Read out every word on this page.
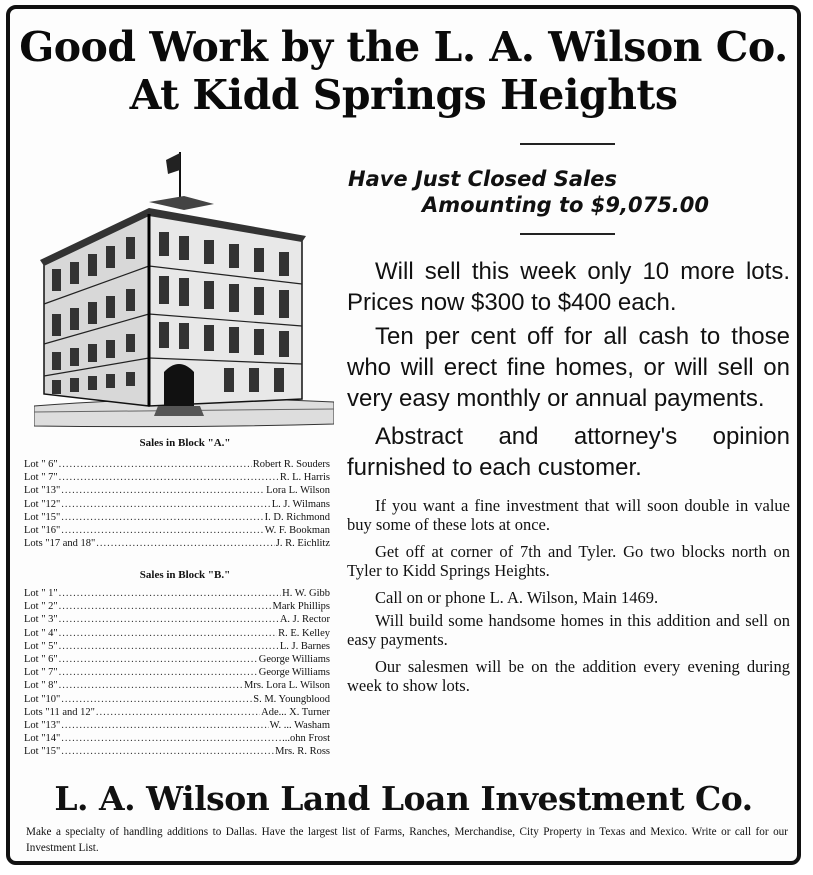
Good Work by the L. A. Wilson Co.
At Kidd Springs Heights
Have Just Closed Sales
Amounting to $9,075.00
Sales in Block "A."
Lot " 6" .....	Robert R. Souders
Lot " 7" .....	R. L. Harris
Lot "13" .....	Lora L. Wilson
Lot "12" .....	L. J. Wilmans
Lot "15" .....	I. D. Richmond
Lot "16" .....	W. F. Bookman
Lots "17 and 18" .....	J. R. Eichlitz
Sales in Block "B."
Lot " 1" .....	H. W. Gibb
Lot " 2" .....	Mark Phillips
Lot " 3" .....	A. J. Rector
Lot " 4" .....	R. E. Kelley
Lot " 5" .....	L. J. Barnes
Lot " 6" .....	George Williams
Lot " 7" .....	George Williams
Lot " 8" .....	Mrs. Lora L. Wilson
Lot "10" .....	S. M. Youngblood
Lots "11 and 12" .....	Ade... X. Turner
Lot "13" .....	W. ... Washam
Lot "14" .....	...ohn Frost
Lot "15" .....	Mrs. R. Ross

Will sell this week only 10 more lots. Prices now $300 to $400 each.

Ten per cent off for all cash to those who will erect fine homes, or will sell on very easy monthly or annual payments.

Abstract and attorney's opinion furnished to each customer.

If you want a fine investment that will soon double in value buy some of these lots at once.

Get off at corner of 7th and Tyler. Go two blocks north on Tyler to Kidd Springs Heights.

Call on or phone L. A. Wilson, Main 1469.

Will build some handsome homes in this addition and sell on easy payments.

Our salesmen will be on the addition every evening during week to show lots.

L. A. Wilson Land Loan Investment Co.
Make a specialty of handling additions to Dallas. Have the largest list of Farms, Ranches, Merchandise, City Property in Texas and Mexico. Write or call for our Investment List.
